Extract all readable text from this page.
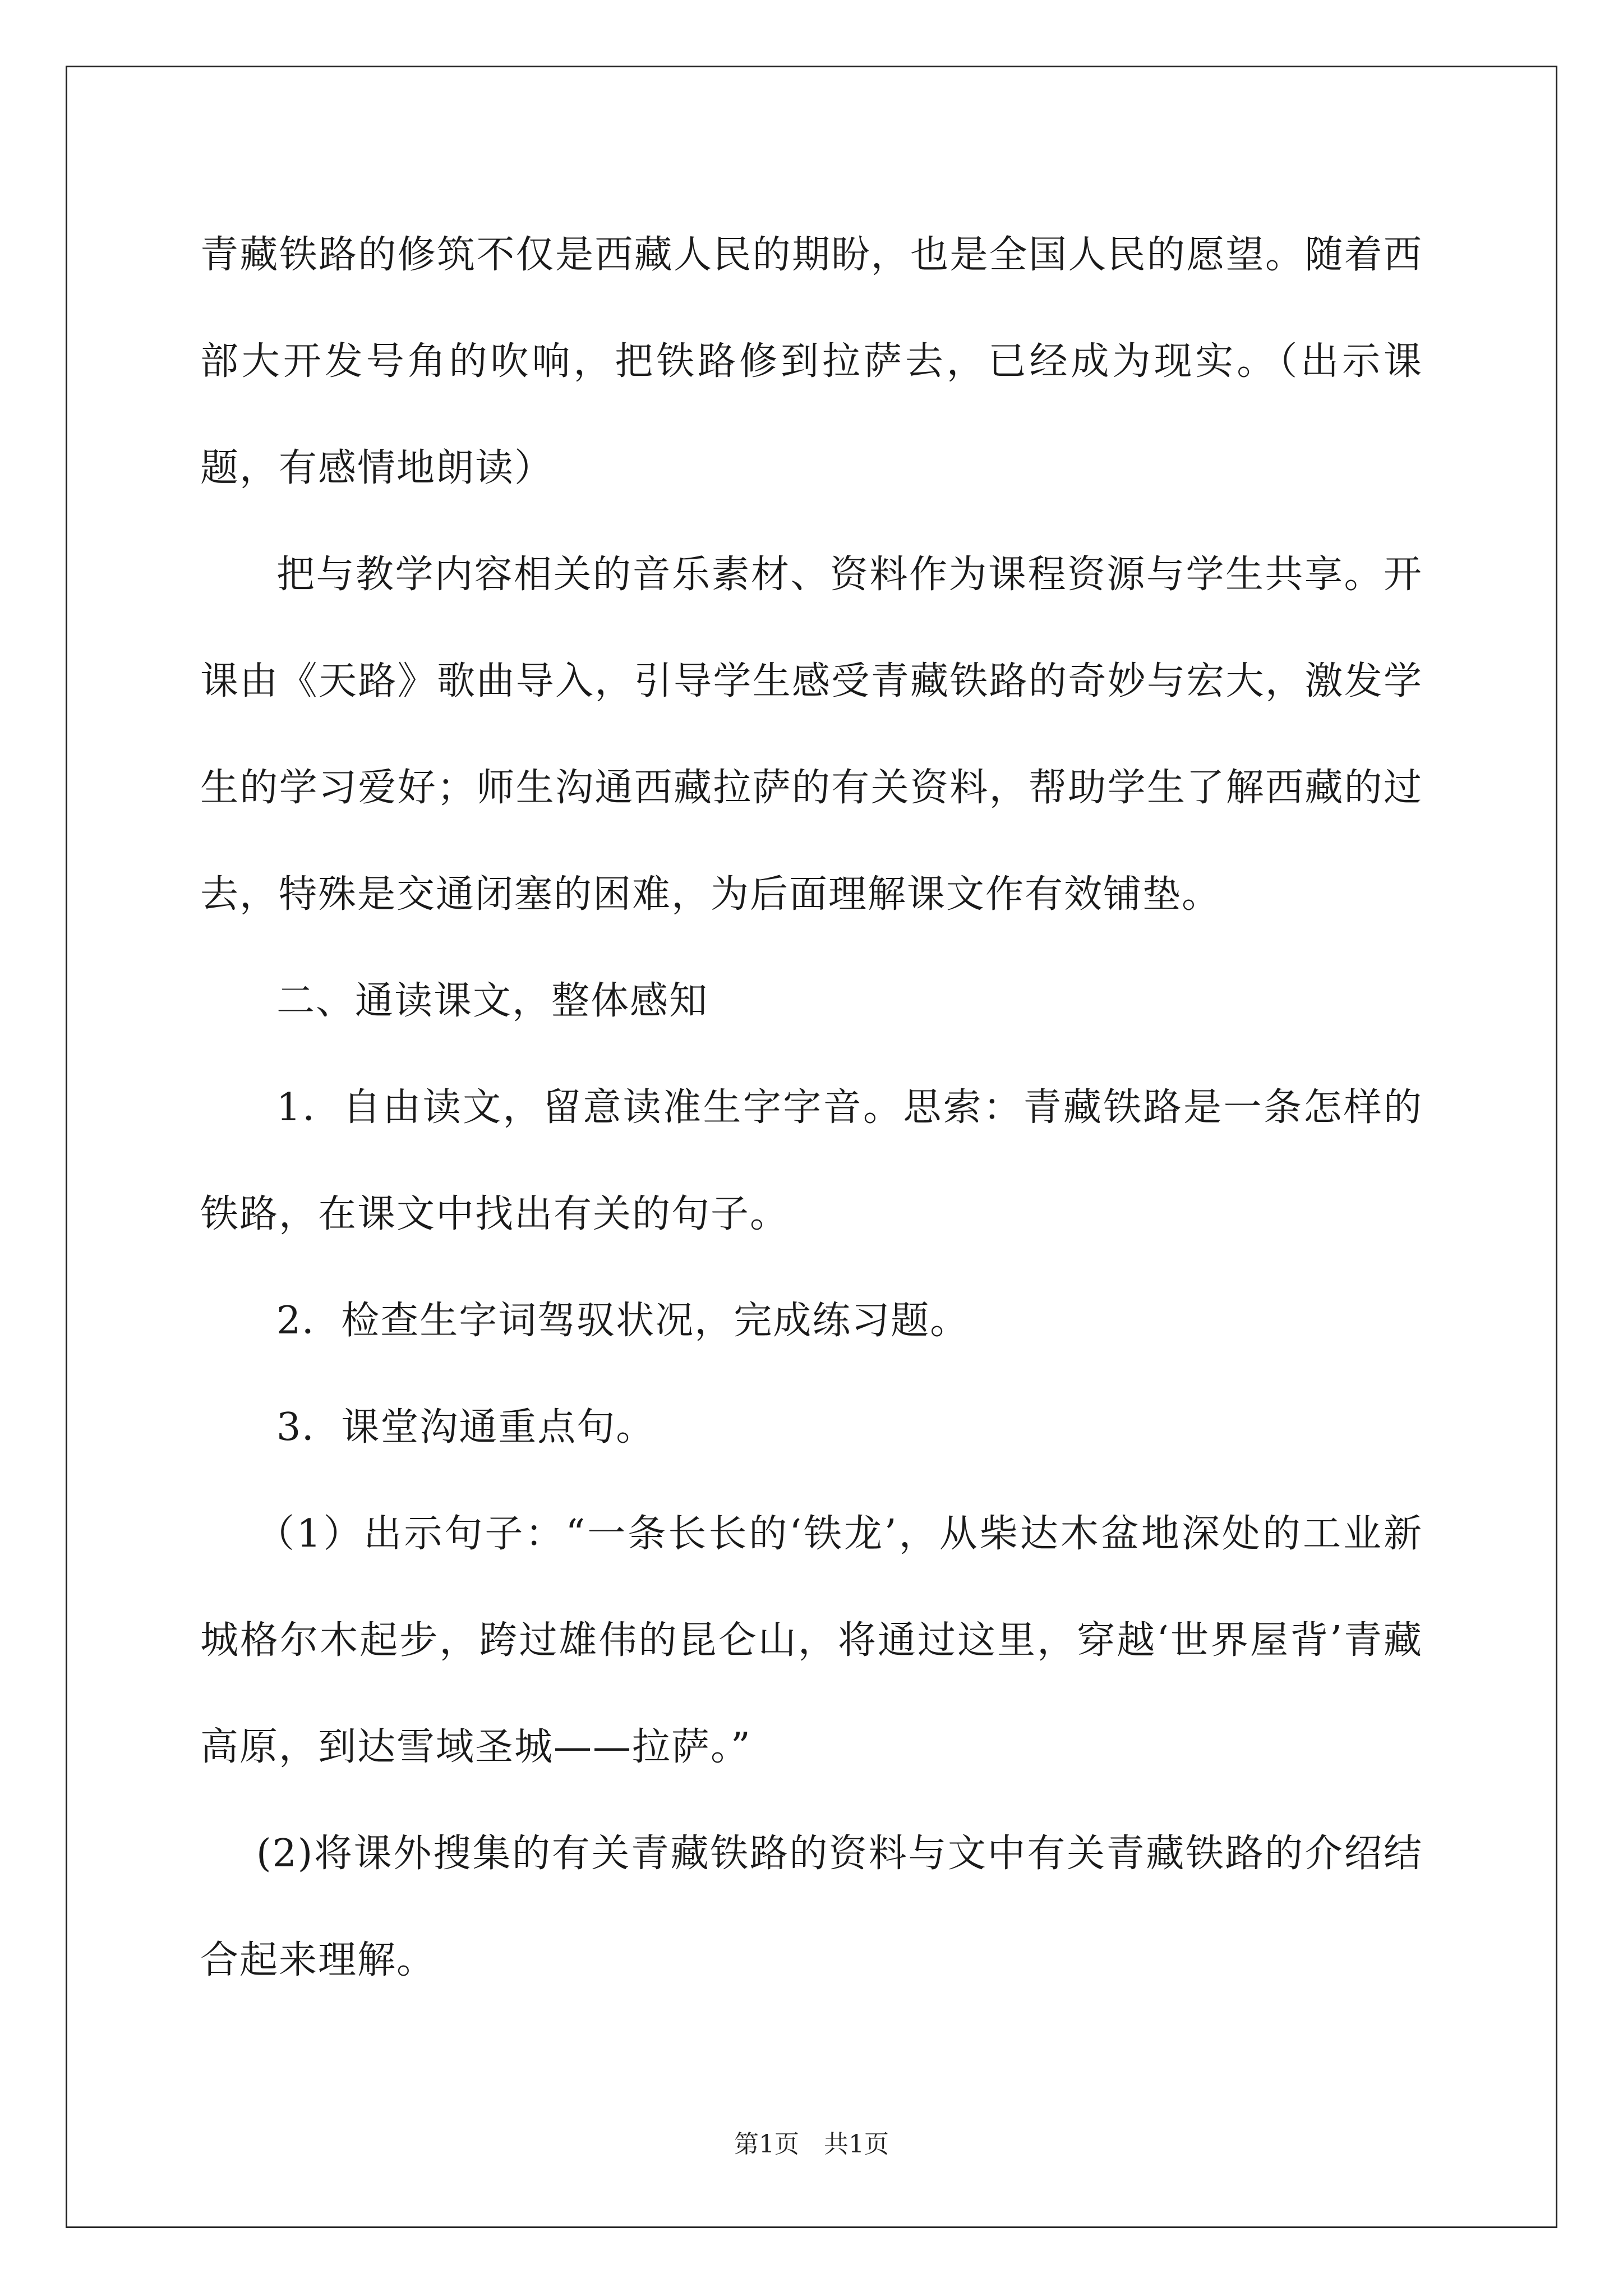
青藏铁路的修筑不仅是西藏人民的期盼，也是全国人民的愿望。随着西部大开发号角的吹响，把铁路修到拉萨去，已经成为现实。（出示课题，有感情地朗读）

把与教学内容相关的音乐素材、资料作为课程资源与学生共享。开课由《天路》歌曲导入，引导学生感受青藏铁路的奇妙与宏大，激发学生的学习爱好；师生沟通西藏拉萨的有关资料，帮助学生了解西藏的过去，特殊是交通闭塞的困难，为后面理解课文作有效铺垫。

二、通读课文，整体感知

1．自由读文，留意读准生字字音。思索：青藏铁路是一条怎样的铁路，在课文中找出有关的句子。

2．检查生字词驾驭状况，完成练习题。

3．课堂沟通重点句。

（1）出示句子：“一条长长的‘铁龙’，从柴达木盆地深处的工业新城格尔木起步，跨过雄伟的昆仑山，将通过这里，穿越‘世界屋背’青藏高原，到达雪域圣城——拉萨。”

(2)将课外搜集的有关青藏铁路的资料与文中有关青藏铁路的介绍结合起来理解。

第1页　共1页
